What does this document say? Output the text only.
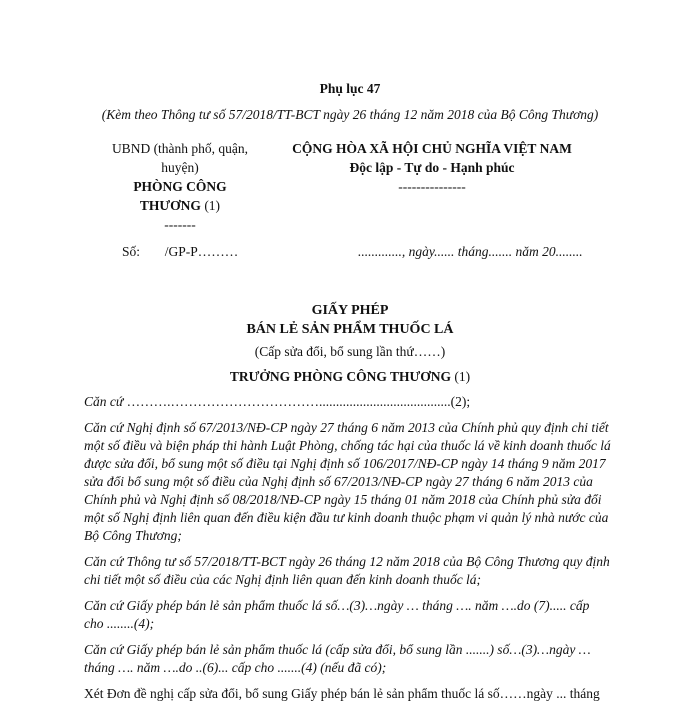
Phụ lục 47
(Kèm theo Thông tư số 57/2018/TT-BCT ngày 26 tháng 12 năm 2018 của Bộ Công Thương)
UBND (thành phố, quận,
huyện)
PHÒNG CÔNG
THƯƠNG (1)
-------
CỘNG HÒA XÃ HỘI CHỦ NGHĨA VIỆT NAM
Độc lập - Tự do - Hạnh phúc
---------------
Số: /GP-P………	............., ngày...... tháng....... năm 20........
GIẤY PHÉP
BÁN LẺ SẢN PHẨM THUỐC LÁ
(Cấp sửa đổi, bổ sung lần thứ……)
TRƯỞNG PHÒNG CÔNG THƯƠNG (1)

Căn cứ ……….…………………………….......................................(2);

Căn cứ Nghị định số 67/2013/NĐ-CP ngày 27 tháng 6 năm 2013 của Chính phủ quy định chi tiết một số điều và biện pháp thi hành Luật Phòng, chống tác hại của thuốc lá về kinh doanh thuốc lá được sửa đổi, bổ sung một số điều tại Nghị định số 106/2017/NĐ-CP ngày 14 tháng 9 năm 2017 sửa đổi bổ sung một số điều của Nghị định số 67/2013/NĐ-CP ngày 27 tháng 6 năm 2013 của Chính phủ và Nghị định số 08/2018/NĐ-CP ngày 15 tháng 01 năm 2018 của Chính phủ sửa đổi một số Nghị định liên quan đến điều kiện đầu tư kinh doanh thuộc phạm vi quản lý nhà nước của Bộ Công Thương;

Căn cứ Thông tư số 57/2018/TT-BCT ngày 26 tháng 12 năm 2018 của Bộ Công Thương quy định chi tiết một số điều của các Nghị định liên quan đến kinh doanh thuốc lá;

Căn cứ Giấy phép bán lẻ sản phẩm thuốc lá số…(3)…ngày … tháng …. năm ….do (7)..... cấp cho ........(4);

Căn cứ Giấy phép bán lẻ sản phẩm thuốc lá (cấp sửa đổi, bổ sung lần .......) số…(3)…ngày … tháng …. năm ….do ..(6)... cấp cho .......(4) (nếu đã có);

Xét Đơn đề nghị cấp sửa đổi, bổ sung Giấy phép bán lẻ sản phẩm thuốc lá số……ngày ... tháng
